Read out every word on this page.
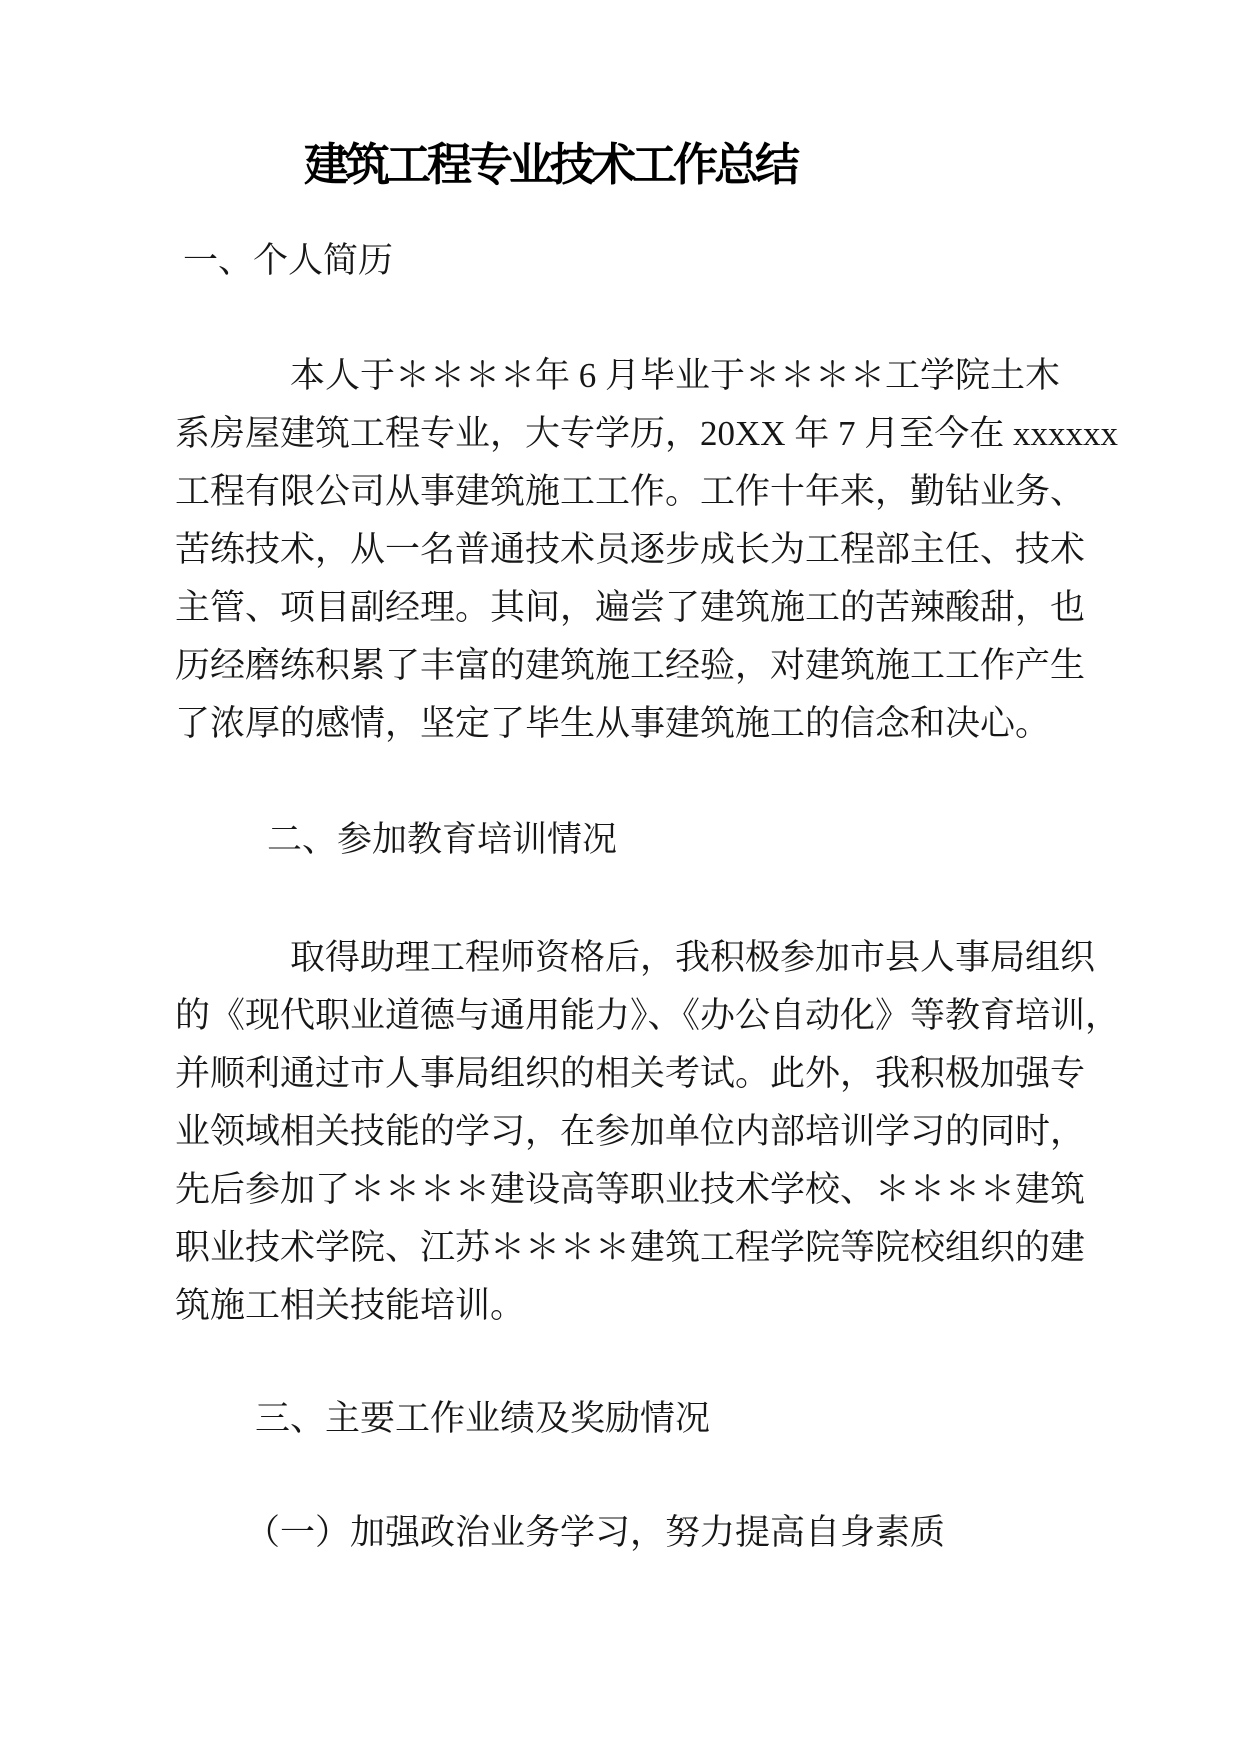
建筑工程专业技术工作总结
一、个人简历
本人于＊＊＊＊年 6 月毕业于＊＊＊＊工学院土木
系房屋建筑工程专业，大专学历，20XX 年 7 月至今在 xxxxxx
工程有限公司从事建筑施工工作。工作十年来，勤钻业务、
苦练技术，从一名普通技术员逐步成长为工程部主任、技术
主管、项目副经理。其间，遍尝了建筑施工的苦辣酸甜，也
历经磨练积累了丰富的建筑施工经验，对建筑施工工作产生
了浓厚的感情，坚定了毕生从事建筑施工的信念和决心。
二、参加教育培训情况
取得助理工程师资格后，我积极参加市县人事局组织
的《现代职业道德与通用能力》、《办公自动化》等教育培训，
并顺利通过市人事局组织的相关考试。此外，我积极加强专
业领域相关技能的学习，在参加单位内部培训学习的同时，
先后参加了＊＊＊＊建设高等职业技术学校、＊＊＊＊建筑
职业技术学院、江苏＊＊＊＊建筑工程学院等院校组织的建
筑施工相关技能培训。
三、主要工作业绩及奖励情况
（一）加强政治业务学习，努力提高自身素质
